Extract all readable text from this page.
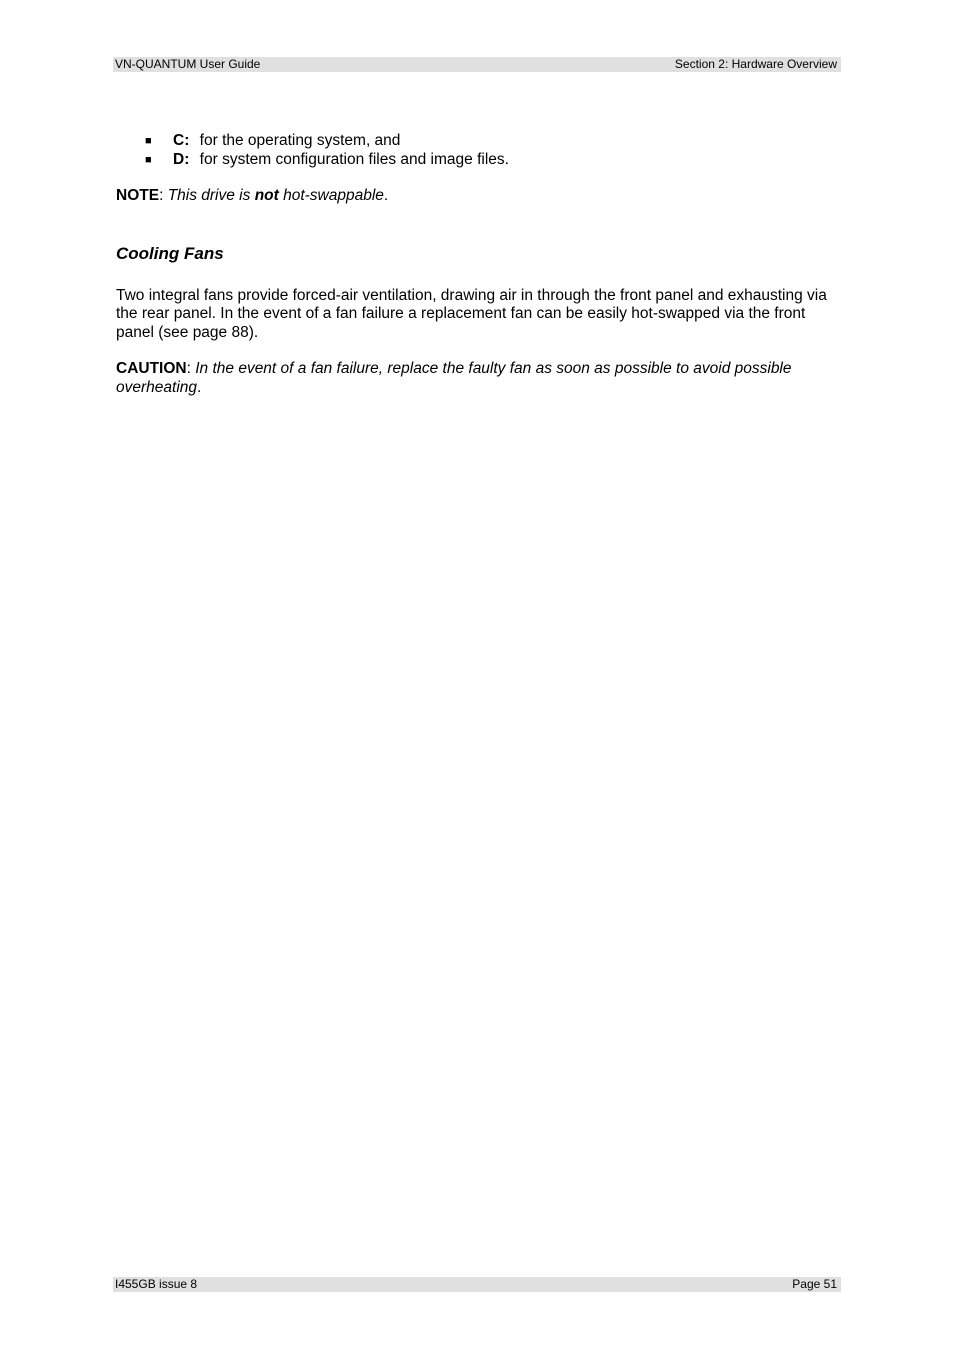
VN-QUANTUM User Guide	Section 2: Hardware Overview
■ C: for the operating system, and
■ D: for system configuration files and image files.

NOTE: This drive is not hot-swappable.

Cooling Fans

Two integral fans provide forced-air ventilation, drawing air in through the front panel and exhausting via the rear panel. In the event of a fan failure a replacement fan can be easily hot-swapped via the front panel (see page 88).

CAUTION: In the event of a fan failure, replace the faulty fan as soon as possible to avoid possible overheating.

I455GB issue 8	Page 51
